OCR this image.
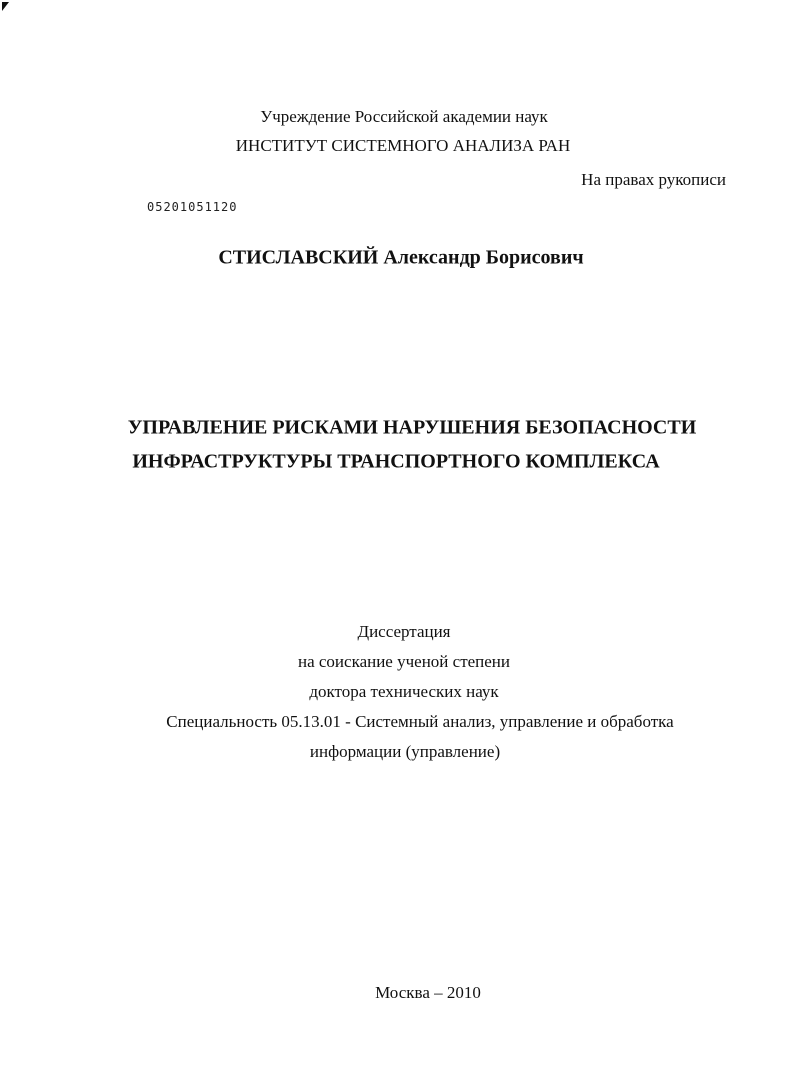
Учреждение Российской академии наук
ИНСТИТУТ СИСТЕМНОГО АНАЛИЗА РАН
На правах рукописи
05201051120
СТИСЛАВСКИЙ Александр Борисович
УПРАВЛЕНИЕ РИСКАМИ НАРУШЕНИЯ БЕЗОПАСНОСТИ
ИНФРАСТРУКТУРЫ ТРАНСПОРТНОГО КОМПЛЕКСА
Диссертация
на соискание ученой степени
доктора технических наук
Специальность 05.13.01 - Системный анализ, управление и обработка
информации (управление)
Москва – 2010
